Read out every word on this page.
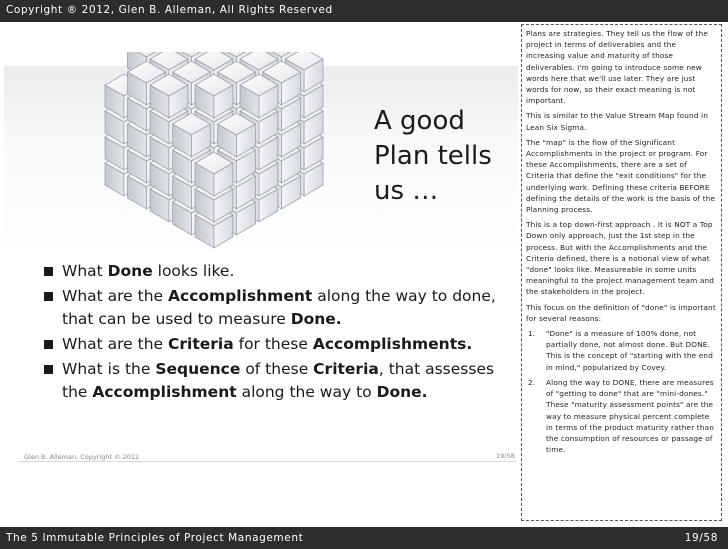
Copyright ® 2012, Glen B. Alleman, All Rights Reserved
A good
Plan tells
us …
What Done looks like.
What are the Accomplishment along the way to done, that can be used to measure Done.
What are the Criteria for these Accomplishments.
What is the Sequence of these Criteria, that assesses the Accomplishment along the way to Done.
Glen B. Alleman, Copyright © 2012	19/58

Plans are strategies. They tell us the flow of the project in terms of deliverables and the increasing value and maturity of those deliverables. I'm going to introduce some new words here that we'll use later. They are just words for now, so their exact meaning is not important.

This is similar to the Value Stream Map found in Lean Six Sigma.

The "map" is the flow of the Significant Accomplishments in the project or program. For these Accomplishments, there are a set of Criteria that define the "exit conditions" for the underlying work. Defining these criteria BEFORE defining the details of the work is the basis of the Planning process.

This is a top down-first approach . It is NOT a Top Down only approach, just the 1st step in the process. But with the Accomplishments and the Criteria defined, there is a notional view of what "done" looks like. Measureable in some units meaningful to the project management team and the stakeholders in the project.

This focus on the definition of "done" is important for several reasons:

1. "Done" is a measure of 100% done, not partially done, not almost done. But DONE. This is the concept of "starting with the end in mind," popularized by Covey.
2. Along the way to DONE, there are measures of "getting to done" that are "mini-dones." These "maturity assessment points" are the way to measure physical percent complete in terms of the product maturity rather than the consumption of resources or passage of time.
The 5 Immutable Principles of Project Management	19/58
